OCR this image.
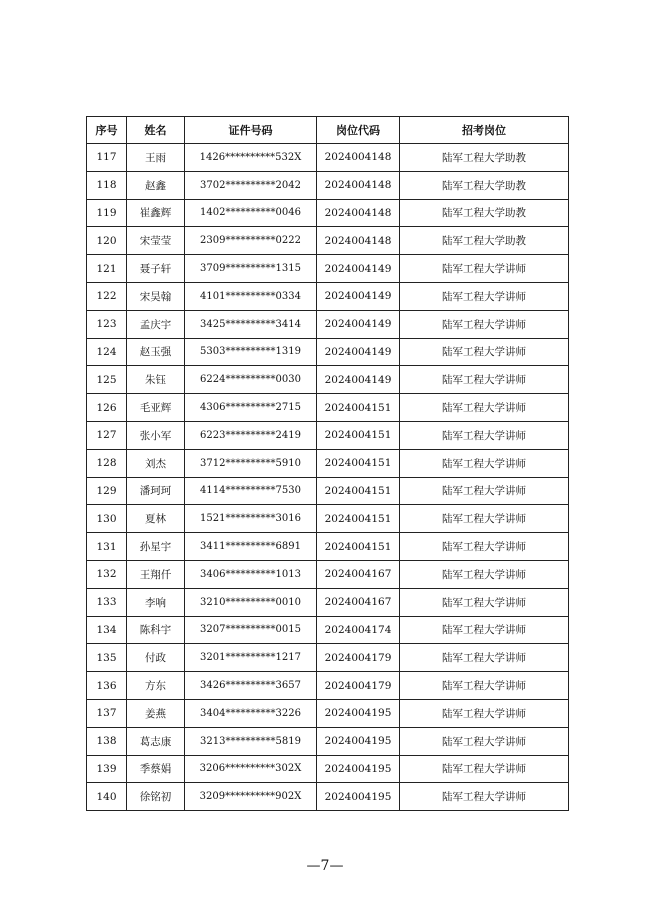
序号	姓名	证件号码	岗位代码	招考岗位
117	王雨	1426**********532X	2024004148	陆军工程大学助教
118	赵鑫	3702**********2042	2024004148	陆军工程大学助教
119	崔鑫辉	1402**********0046	2024004148	陆军工程大学助教
120	宋莹莹	2309**********0222	2024004148	陆军工程大学助教
121	聂子轩	3709**********1315	2024004149	陆军工程大学讲师
122	宋昊翰	4101**********0334	2024004149	陆军工程大学讲师
123	孟庆宇	3425**********3414	2024004149	陆军工程大学讲师
124	赵玉强	5303**********1319	2024004149	陆军工程大学讲师
125	朱钰	6224**********0030	2024004149	陆军工程大学讲师
126	毛亚辉	4306**********2715	2024004151	陆军工程大学讲师
127	张小军	6223**********2419	2024004151	陆军工程大学讲师
128	刘杰	3712**********5910	2024004151	陆军工程大学讲师
129	潘珂珂	4114**********7530	2024004151	陆军工程大学讲师
130	夏林	1521**********3016	2024004151	陆军工程大学讲师
131	孙星宇	3411**********6891	2024004151	陆军工程大学讲师
132	王翔仟	3406**********1013	2024004167	陆军工程大学讲师
133	李响	3210**********0010	2024004167	陆军工程大学讲师
134	陈科宇	3207**********0015	2024004174	陆军工程大学讲师
135	付政	3201**********1217	2024004179	陆军工程大学讲师
136	方东	3426**********3657	2024004179	陆军工程大学讲师
137	姜燕	3404**********3226	2024004195	陆军工程大学讲师
138	葛志康	3213**********5819	2024004195	陆军工程大学讲师
139	季蔡娟	3206**********302X	2024004195	陆军工程大学讲师
140	徐铭初	3209**********902X	2024004195	陆军工程大学讲师
—7—
